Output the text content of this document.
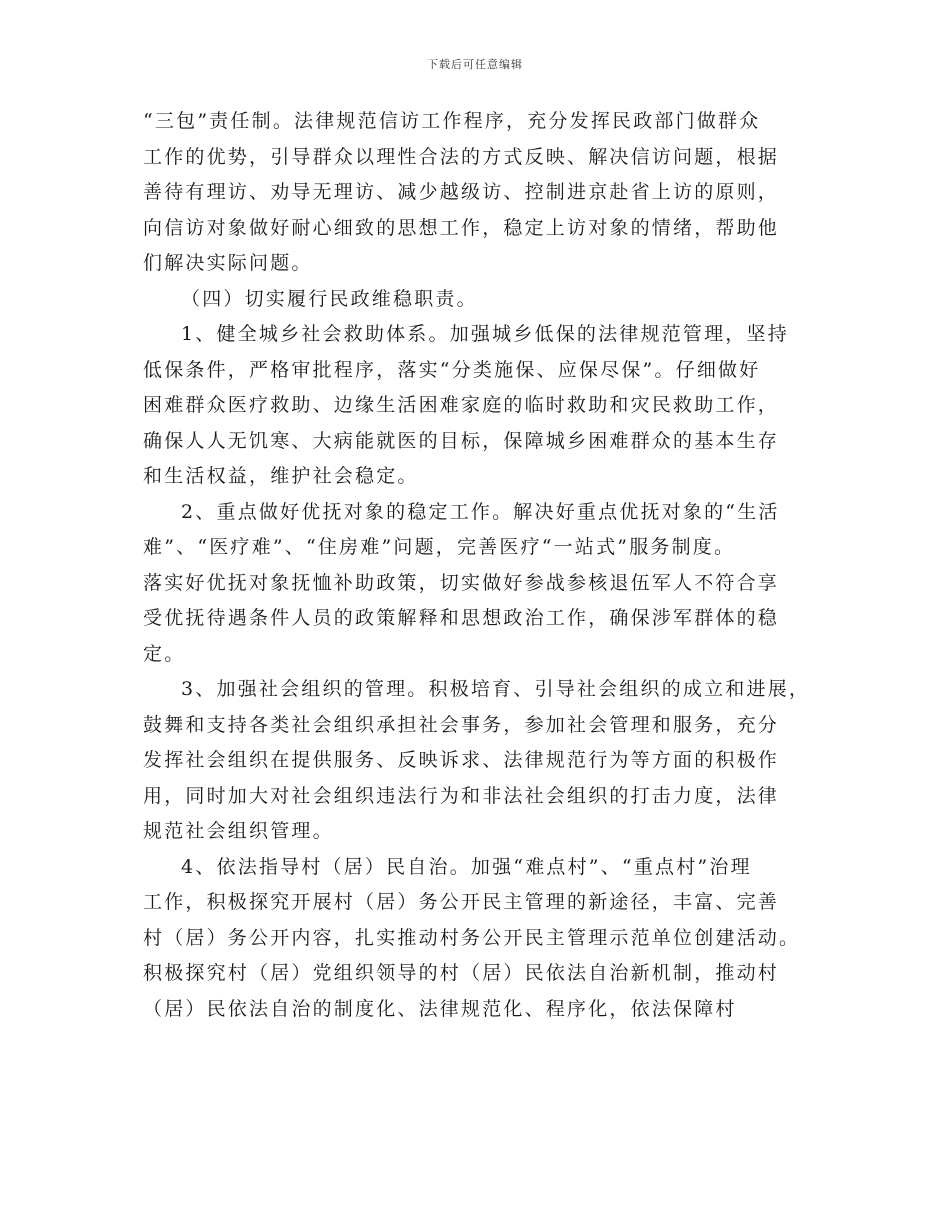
下载后可任意编辑
“三包”责任制。法律规范信访工作程序，充分发挥民政部门做群众
工作的优势，引导群众以理性合法的方式反映、解决信访问题，根据
善待有理访、劝导无理访、减少越级访、控制进京赴省上访的原则，
向信访对象做好耐心细致的思想工作，稳定上访对象的情绪，帮助他
们解决实际问题。
（四）切实履行民政维稳职责。
1、健全城乡社会救助体系。加强城乡低保的法律规范管理，坚持
低保条件，严格审批程序，落实“分类施保、应保尽保”。仔细做好
困难群众医疗救助、边缘生活困难家庭的临时救助和灾民救助工作，
确保人人无饥寒、大病能就医的目标，保障城乡困难群众的基本生存
和生活权益，维护社会稳定。
2、重点做好优抚对象的稳定工作。解决好重点优抚对象的“生活
难”、“医疗难”、“住房难”问题，完善医疗“一站式”服务制度。
落实好优抚对象抚恤补助政策，切实做好参战参核退伍军人不符合享
受优抚待遇条件人员的政策解释和思想政治工作，确保涉军群体的稳
定。
3、加强社会组织的管理。积极培育、引导社会组织的成立和进展，
鼓舞和支持各类社会组织承担社会事务，参加社会管理和服务，充分
发挥社会组织在提供服务、反映诉求、法律规范行为等方面的积极作
用，同时加大对社会组织违法行为和非法社会组织的打击力度，法律
规范社会组织管理。
4、依法指导村（居）民自治。加强“难点村”、“重点村”治理
工作，积极探究开展村（居）务公开民主管理的新途径，丰富、完善
村（居）务公开内容，扎实推动村务公开民主管理示范单位创建活动。
积极探究村（居）党组织领导的村（居）民依法自治新机制，推动村
（居）民依法自治的制度化、法律规范化、程序化，依法保障村
